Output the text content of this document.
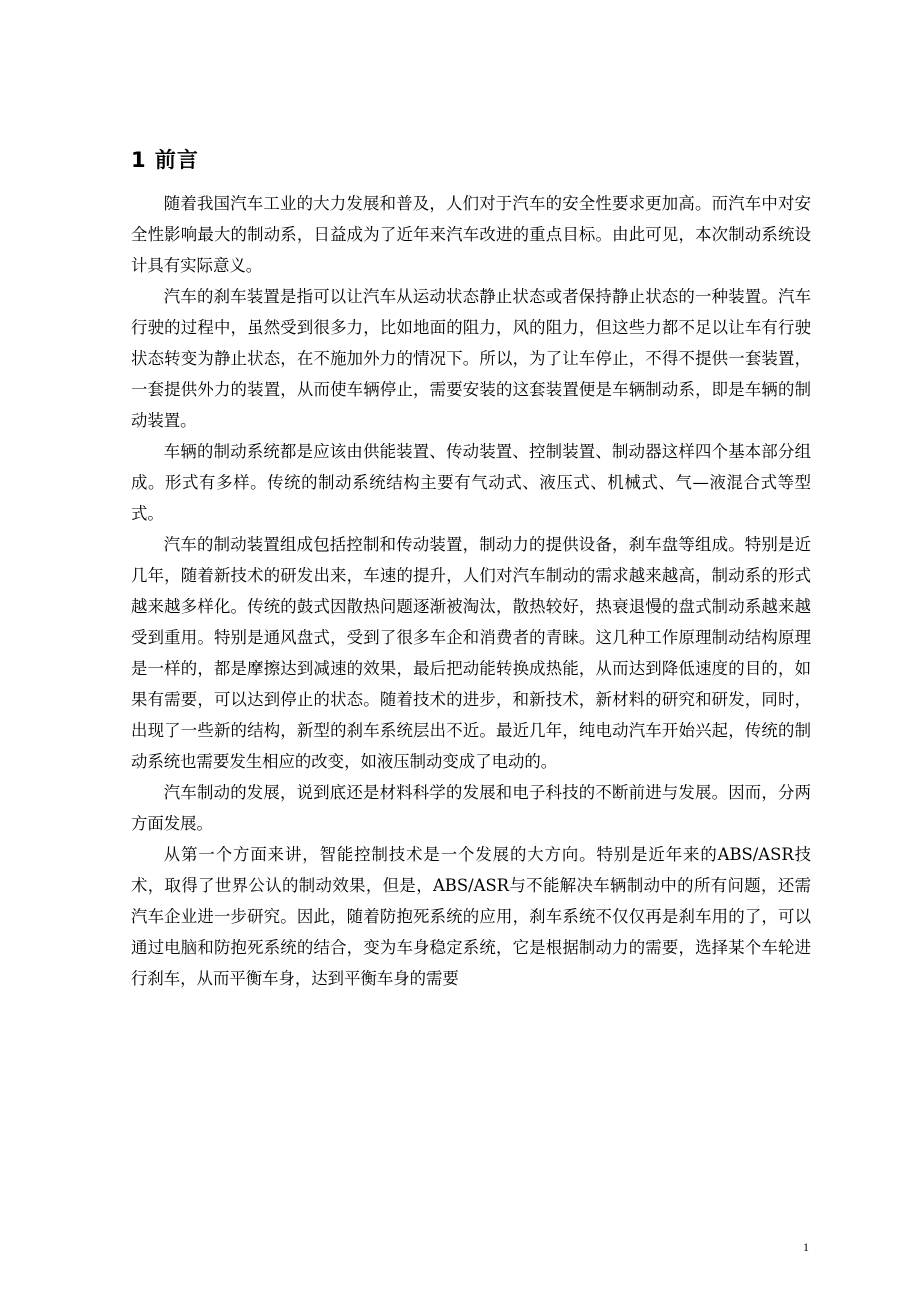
1 前言

随着我国汽车工业的大力发展和普及，人们对于汽车的安全性要求更加高。而汽车中对安全性影响最大的制动系，日益成为了近年来汽车改进的重点目标。由此可见，本次制动系统设计具有实际意义。

汽车的刹车装置是指可以让汽车从运动状态静止状态或者保持静止状态的一种装置。汽车行驶的过程中，虽然受到很多力，比如地面的阻力，风的阻力，但这些力都不足以让车有行驶状态转变为静止状态，在不施加外力的情况下。所以，为了让车停止，不得不提供一套装置，一套提供外力的装置，从而使车辆停止，需要安装的这套装置便是车辆制动系，即是车辆的制动装置。

车辆的制动系统都是应该由供能装置、传动装置、控制装置、制动器这样四个基本部分组成。形式有多样。传统的制动系统结构主要有气动式、液压式、机械式、气—液混合式等型式。

汽车的制动装置组成包括控制和传动装置，制动力的提供设备，刹车盘等组成。特别是近几年，随着新技术的研发出来，车速的提升，人们对汽车制动的需求越来越高，制动系的形式越来越多样化。传统的鼓式因散热问题逐渐被淘汰，散热较好，热衰退慢的盘式制动系越来越受到重用。特别是通风盘式，受到了很多车企和消费者的青睐。这几种工作原理制动结构原理是一样的，都是摩擦达到减速的效果，最后把动能转换成热能，从而达到降低速度的目的，如果有需要，可以达到停止的状态。随着技术的进步，和新技术，新材料的研究和研发，同时，出现了一些新的结构，新型的刹车系统层出不近。最近几年，纯电动汽车开始兴起，传统的制动系统也需要发生相应的改变，如液压制动变成了电动的。

汽车制动的发展，说到底还是材料科学的发展和电子科技的不断前进与发展。因而，分两方面发展。

从第一个方面来讲，智能控制技术是一个发展的大方向。特别是近年来的ABS/ASR技术，取得了世界公认的制动效果，但是，ABS/ASR与不能解决车辆制动中的所有问题，还需汽车企业进一步研究。因此，随着防抱死系统的应用，刹车系统不仅仅再是刹车用的了，可以通过电脑和防抱死系统的结合，变为车身稳定系统，它是根据制动力的需要，选择某个车轮进行刹车，从而平衡车身，达到平衡车身的需要

1
